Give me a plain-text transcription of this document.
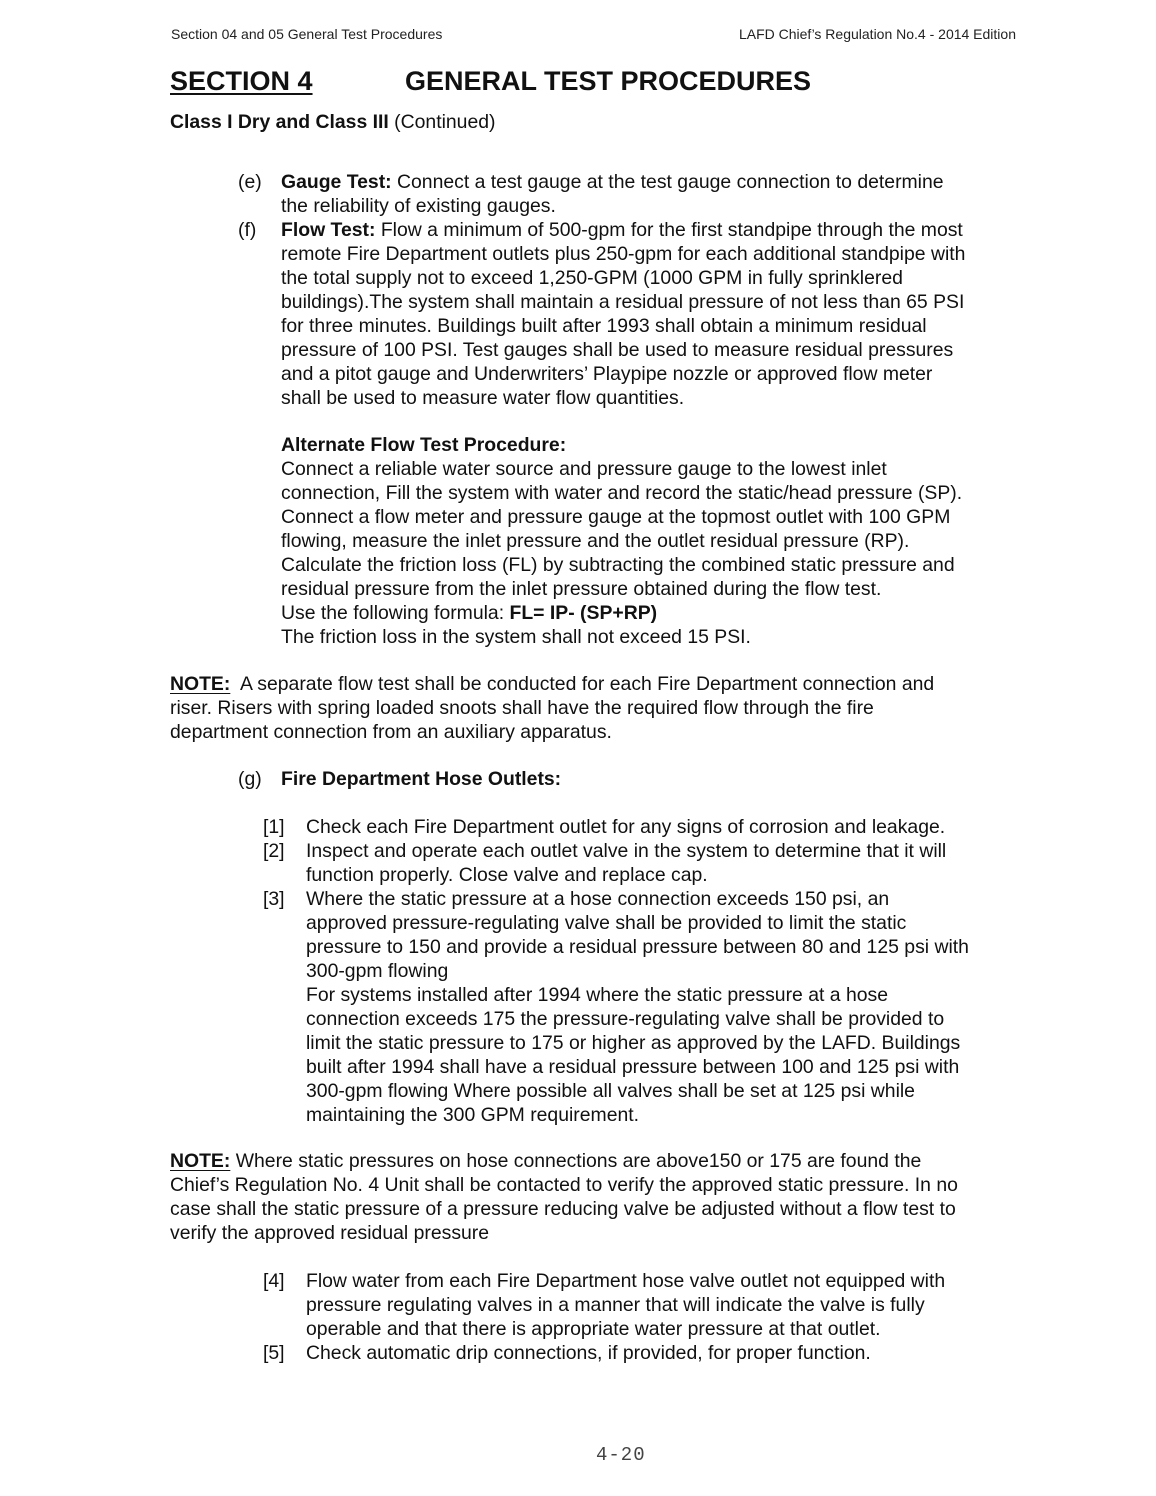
Section 04 and 05 General Test Procedures	LAFD Chief’s Regulation No.4 - 2014 Edition
SECTION 4	GENERAL TEST PROCEDURES
Class I Dry and Class III (Continued)
(e) Gauge Test: Connect a test gauge at the test gauge connection to determine
the reliability of existing gauges.
(f) Flow Test: Flow a minimum of 500-gpm for the first standpipe through the most
remote Fire Department outlets plus 250-gpm for each additional standpipe with
the total supply not to exceed 1,250-GPM (1000 GPM in fully sprinklered
buildings).The system shall maintain a residual pressure of not less than 65 PSI
for three minutes. Buildings built after 1993 shall obtain a minimum residual
pressure of 100 PSI. Test gauges shall be used to measure residual pressures
and a pitot gauge and Underwriters’ Playpipe nozzle or approved flow meter
shall be used to measure water flow quantities.
Alternate Flow Test Procedure:
Connect a reliable water source and pressure gauge to the lowest inlet
connection, Fill the system with water and record the static/head pressure (SP).
Connect a flow meter and pressure gauge at the topmost outlet with 100 GPM
flowing, measure the inlet pressure and the outlet residual pressure (RP).
Calculate the friction loss (FL) by subtracting the combined static pressure and
residual pressure from the inlet pressure obtained during the flow test.
Use the following formula: FL= IP- (SP+RP)
The friction loss in the system shall not exceed 15 PSI.
NOTE:  A separate flow test shall be conducted for each Fire Department connection and
riser. Risers with spring loaded snoots shall have the required flow through the fire
department connection from an auxiliary apparatus.
(g) Fire Department Hose Outlets:
[1] Check each Fire Department outlet for any signs of corrosion and leakage.
[2] Inspect and operate each outlet valve in the system to determine that it will
function properly. Close valve and replace cap.
[3] Where the static pressure at a hose connection exceeds 150 psi, an
approved pressure-regulating valve shall be provided to limit the static
pressure to 150 and provide a residual pressure between 80 and 125 psi with
300-gpm flowing
For systems installed after 1994 where the static pressure at a hose
connection exceeds 175 the pressure-regulating valve shall be provided to
limit the static pressure to 175 or higher as approved by the LAFD. Buildings
built after 1994 shall have a residual pressure between 100 and 125 psi with
300-gpm flowing Where possible all valves shall be set at 125 psi while
maintaining the 300 GPM requirement.
NOTE: Where static pressures on hose connections are above150 or 175 are found the
Chief’s Regulation No. 4 Unit shall be contacted to verify the approved static pressure. In no
case shall the static pressure of a pressure reducing valve be adjusted without a flow test to
verify the approved residual pressure
[4] Flow water from each Fire Department hose valve outlet not equipped with
pressure regulating valves in a manner that will indicate the valve is fully
operable and that there is appropriate water pressure at that outlet.
[5] Check automatic drip connections, if provided, for proper function.
4-20
